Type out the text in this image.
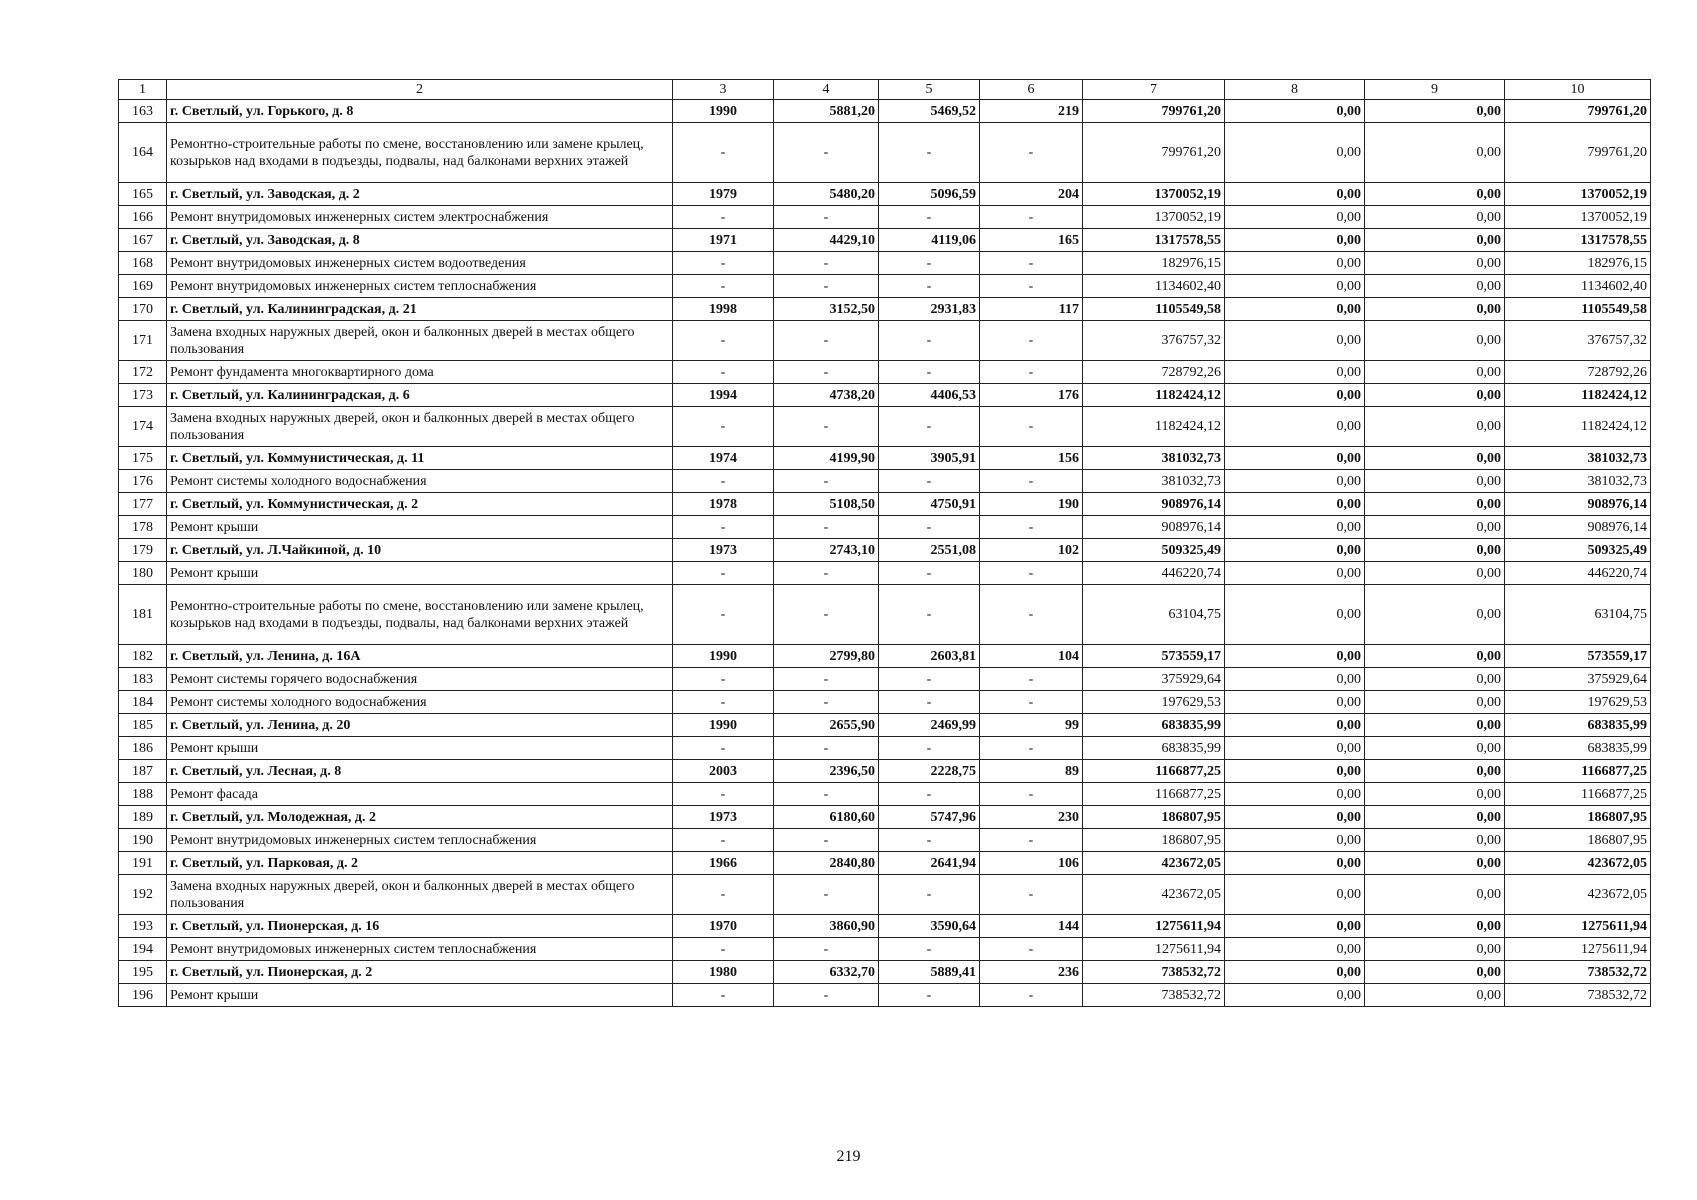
1	2	3	4	5	6	7	8	9	10
163	г. Светлый, ул. Горького, д. 8	1990	5881,20	5469,52	219	799761,20	0,00	0,00	799761,20
164	Ремонтно-строительные работы по смене, восстановлению или замене крылец, козырьков над входами в подъезды, подвалы, над балконами верхних этажей	-	-	-	-	799761,20	0,00	0,00	799761,20
165	г. Светлый, ул. Заводская, д. 2	1979	5480,20	5096,59	204	1370052,19	0,00	0,00	1370052,19
166	Ремонт внутридомовых инженерных систем электроснабжения	-	-	-	-	1370052,19	0,00	0,00	1370052,19
167	г. Светлый, ул. Заводская, д. 8	1971	4429,10	4119,06	165	1317578,55	0,00	0,00	1317578,55
168	Ремонт внутридомовых инженерных систем водоотведения	-	-	-	-	182976,15	0,00	0,00	182976,15
169	Ремонт внутридомовых инженерных систем теплоснабжения	-	-	-	-	1134602,40	0,00	0,00	1134602,40
170	г. Светлый, ул. Калининградская, д. 21	1998	3152,50	2931,83	117	1105549,58	0,00	0,00	1105549,58
171	Замена входных наружных дверей, окон и балконных дверей в местах общего пользования	-	-	-	-	376757,32	0,00	0,00	376757,32
172	Ремонт фундамента многоквартирного дома	-	-	-	-	728792,26	0,00	0,00	728792,26
173	г. Светлый, ул. Калининградская, д. 6	1994	4738,20	4406,53	176	1182424,12	0,00	0,00	1182424,12
174	Замена входных наружных дверей, окон и балконных дверей в местах общего пользования	-	-	-	-	1182424,12	0,00	0,00	1182424,12
175	г. Светлый, ул. Коммунистическая, д. 11	1974	4199,90	3905,91	156	381032,73	0,00	0,00	381032,73
176	Ремонт системы холодного водоснабжения	-	-	-	-	381032,73	0,00	0,00	381032,73
177	г. Светлый, ул. Коммунистическая, д. 2	1978	5108,50	4750,91	190	908976,14	0,00	0,00	908976,14
178	Ремонт крыши	-	-	-	-	908976,14	0,00	0,00	908976,14
179	г. Светлый, ул. Л.Чайкиной, д. 10	1973	2743,10	2551,08	102	509325,49	0,00	0,00	509325,49
180	Ремонт крыши	-	-	-	-	446220,74	0,00	0,00	446220,74
181	Ремонтно-строительные работы по смене, восстановлению или замене крылец, козырьков над входами в подъезды, подвалы, над балконами верхних этажей	-	-	-	-	63104,75	0,00	0,00	63104,75
182	г. Светлый, ул. Ленина, д. 16А	1990	2799,80	2603,81	104	573559,17	0,00	0,00	573559,17
183	Ремонт системы горячего водоснабжения	-	-	-	-	375929,64	0,00	0,00	375929,64
184	Ремонт системы холодного водоснабжения	-	-	-	-	197629,53	0,00	0,00	197629,53
185	г. Светлый, ул. Ленина, д. 20	1990	2655,90	2469,99	99	683835,99	0,00	0,00	683835,99
186	Ремонт крыши	-	-	-	-	683835,99	0,00	0,00	683835,99
187	г. Светлый, ул. Лесная, д. 8	2003	2396,50	2228,75	89	1166877,25	0,00	0,00	1166877,25
188	Ремонт фасада	-	-	-	-	1166877,25	0,00	0,00	1166877,25
189	г. Светлый, ул. Молодежная, д. 2	1973	6180,60	5747,96	230	186807,95	0,00	0,00	186807,95
190	Ремонт внутридомовых инженерных систем теплоснабжения	-	-	-	-	186807,95	0,00	0,00	186807,95
191	г. Светлый, ул. Парковая, д. 2	1966	2840,80	2641,94	106	423672,05	0,00	0,00	423672,05
192	Замена входных наружных дверей, окон и балконных дверей в местах общего пользования	-	-	-	-	423672,05	0,00	0,00	423672,05
193	г. Светлый, ул. Пионерская, д. 16	1970	3860,90	3590,64	144	1275611,94	0,00	0,00	1275611,94
194	Ремонт внутридомовых инженерных систем теплоснабжения	-	-	-	-	1275611,94	0,00	0,00	1275611,94
195	г. Светлый, ул. Пионерская, д. 2	1980	6332,70	5889,41	236	738532,72	0,00	0,00	738532,72
196	Ремонт крыши	-	-	-	-	738532,72	0,00	0,00	738532,72
219
